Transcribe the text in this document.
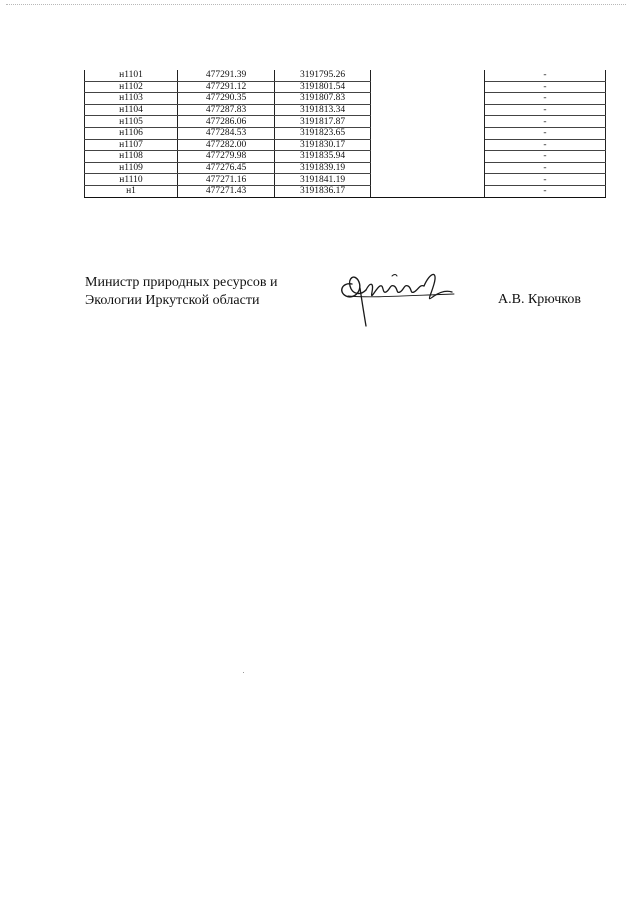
н1101	477291.39	3191795.26		-
н1102	477291.12	3191801.54		-
н1103	477290.35	3191807.83		-
н1104	477287.83	3191813.34		-
н1105	477286.06	3191817.87		-
н1106	477284.53	3191823.65		-
н1107	477282.00	3191830.17		-
н1108	477279.98	3191835.94		-
н1109	477276.45	3191839.19		-
н1110	477271.16	3191841.19		-
н1	477271.43	3191836.17		-
Министр природных ресурсов и
Экологии Иркутской области	А.В. Крючков
